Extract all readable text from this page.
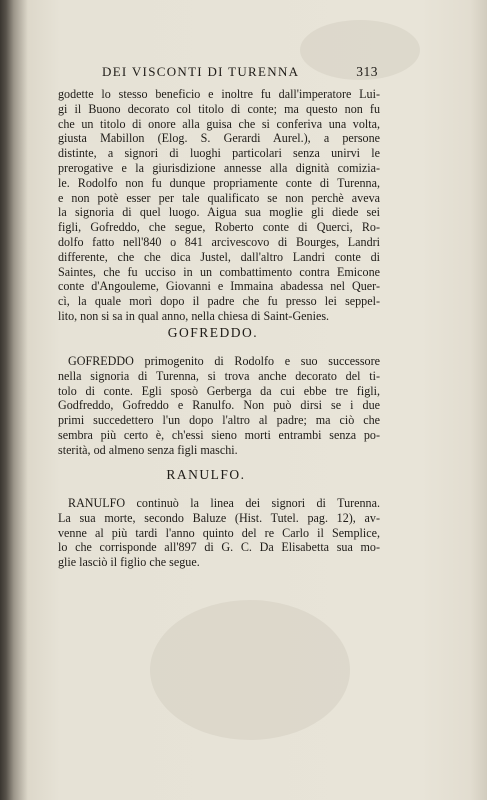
DEI VISCONTI DI TURENNA	313
godette lo stesso beneficio e inoltre fu dall'imperatore Lui-
gi il Buono decorato col titolo di conte; ma questo non fu
che un titolo di onore alla guisa che si conferiva una volta,
giusta Mabillon (Elog. S. Gerardi Aurel.), a persone
distinte, a signori di luoghi particolari senza unirvi le
prerogative e la giurisdizione annesse alla dignità comizia-
le. Rodolfo non fu dunque propriamente conte di Turenna,
e non potè esser per tale qualificato se non perchè aveva
la signoria di quel luogo. Aigua sua moglie gli diede sei
figli, Gofreddo, che segue, Roberto conte di Querci, Ro-
dolfo fatto nell'840 o 841 arcivescovo di Bourges, Landri
differente, che che dica Justel, dall'altro Landri conte di
Saintes, che fu ucciso in un combattimento contra Emicone
conte d'Angouleme, Giovanni e Immaina abadessa nel Quer-
cì, la quale morì dopo il padre che fu presso lei seppel-
lito, non si sa in qual anno, nella chiesa di Saint-Genies.
GOFREDDO.
GOFREDDO primogenito di Rodolfo e suo successore
nella signoria di Turenna, si trova anche decorato del ti-
tolo di conte. Egli sposò Gerberga da cui ebbe tre figli,
Godfreddo, Gofreddo e Ranulfo. Non può dirsi se i due
primi succedettero l'un dopo l'altro al padre; ma ciò che
sembra più certo è, ch'essi sieno morti entrambi senza po-
sterità, od almeno senza figli maschi.
RANULFO.
RANULFO continuò la linea dei signori di Turenna.
La sua morte, secondo Baluze (Hist. Tutel. pag. 12), av-
venne al più tardi l'anno quinto del re Carlo il Semplice,
lo che corrisponde all'897 di G. C. Da Elisabetta sua mo-
glie lasciò il figlio che segue.
